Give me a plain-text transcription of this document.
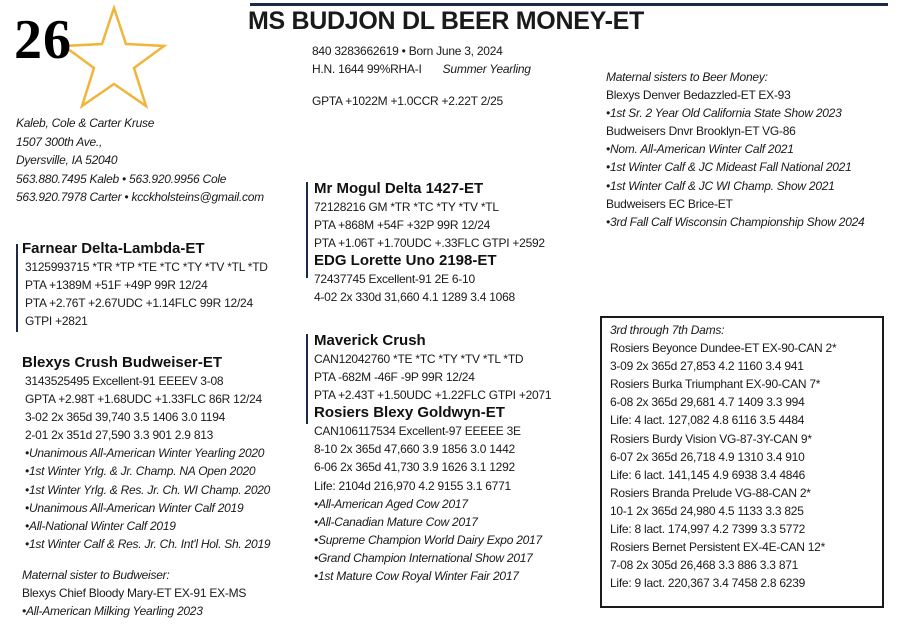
26	MS BUDJON DL BEER MONEY-ET
Kaleb, Cole & Carter Kruse
1507 300th Ave.,
Dyersville, IA 52040
563.880.7495 Kaleb • 563.920.9956 Cole
563.920.7978 Carter • kcckholsteins@gmail.com
840 3283662619 • Born June 3, 2024
H.N. 1644 99%RHA-I Summer Yearling
GPTA +1022M +1.0CCR +2.22T 2/25
Maternal sisters to Beer Money:
Blexys Denver Bedazzled-ET EX-93
•1st Sr. 2 Year Old California State Show 2023
Budweisers Dnvr Brooklyn-ET VG-86
•Nom. All-American Winter Calf 2021
•1st Winter Calf & JC Mideast Fall National 2021
•1st Winter Calf & JC WI Champ. Show 2021
Budweisers EC Brice-ET
•3rd Fall Calf Wisconsin Championship Show 2024
Mr Mogul Delta 1427-ET
72128216 GM *TR *TC *TY *TV *TL
PTA +868M +54F +32P 99R 12/24
PTA +1.06T +1.70UDC +.33FLC GTPI +2592
EDG Lorette Uno 2198-ET
72437745 Excellent-91 2E 6-10
4-02 2x 330d 31,660 4.1 1289 3.4 1068
Farnear Delta-Lambda-ET
3125993715 *TR *TP *TE *TC *TY *TV *TL *TD
PTA +1389M +51F +49P 99R 12/24
PTA +2.76T +2.67UDC +1.14FLC 99R 12/24
GTPI +2821
Blexys Crush Budweiser-ET
3143525495 Excellent-91 EEEEV 3-08
GPTA +2.98T +1.68UDC +1.33FLC 86R 12/24
3-02 2x 365d 39,740 3.5 1406 3.0 1194
2-01 2x 351d 27,590 3.3 901 2.9 813
•Unanimous All-American Winter Yearling 2020
•1st Winter Yrlg. & Jr. Champ. NA Open 2020
•1st Winter Yrlg. & Res. Jr. Ch. WI Champ. 2020
•Unanimous All-American Winter Calf 2019
•All-National Winter Calf 2019
•1st Winter Calf & Res. Jr. Ch. Int'l Hol. Sh. 2019
Maternal sister to Budweiser:
Blexys Chief Bloody Mary-ET EX-91 EX-MS
•All-American Milking Yearling 2023
Maverick Crush
CAN12042760 *TE *TC *TY *TV *TL *TD
PTA -682M -46F -9P 99R 12/24
PTA +2.43T +1.50UDC +1.22FLC GTPI +2071
Rosiers Blexy Goldwyn-ET
CAN106117534 Excellent-97 EEEEE 3E
8-10 2x 365d 47,660 3.9 1856 3.0 1442
6-06 2x 365d 41,730 3.9 1626 3.1 1292
Life: 2104d 216,970 4.2 9155 3.1 6771
•All-American Aged Cow 2017
•All-Canadian Mature Cow 2017
•Supreme Champion World Dairy Expo 2017
•Grand Champion International Show 2017
•1st Mature Cow Royal Winter Fair 2017
3rd through 7th Dams:
Rosiers Beyonce Dundee-ET EX-90-CAN 2*
3-09 2x 365d 27,853 4.2 1160 3.4 941
Rosiers Burka Triumphant EX-90-CAN 7*
6-08 2x 365d 29,681 4.7 1409 3.3 994
Life: 4 lact. 127,082 4.8 6116 3.5 4484
Rosiers Burdy Vision VG-87-3Y-CAN 9*
6-07 2x 365d 26,718 4.9 1310 3.4 910
Life: 6 lact. 141,145 4.9 6938 3.4 4846
Rosiers Branda Prelude VG-88-CAN 2*
10-1 2x 365d 24,980 4.5 1133 3.3 825
Life: 8 lact. 174,997 4.2 7399 3.3 5772
Rosiers Bernet Persistent EX-4E-CAN 12*
7-08 2x 305d 26,468 3.3 886 3.3 871
Life: 9 lact. 220,367 3.4 7458 2.8 6239
